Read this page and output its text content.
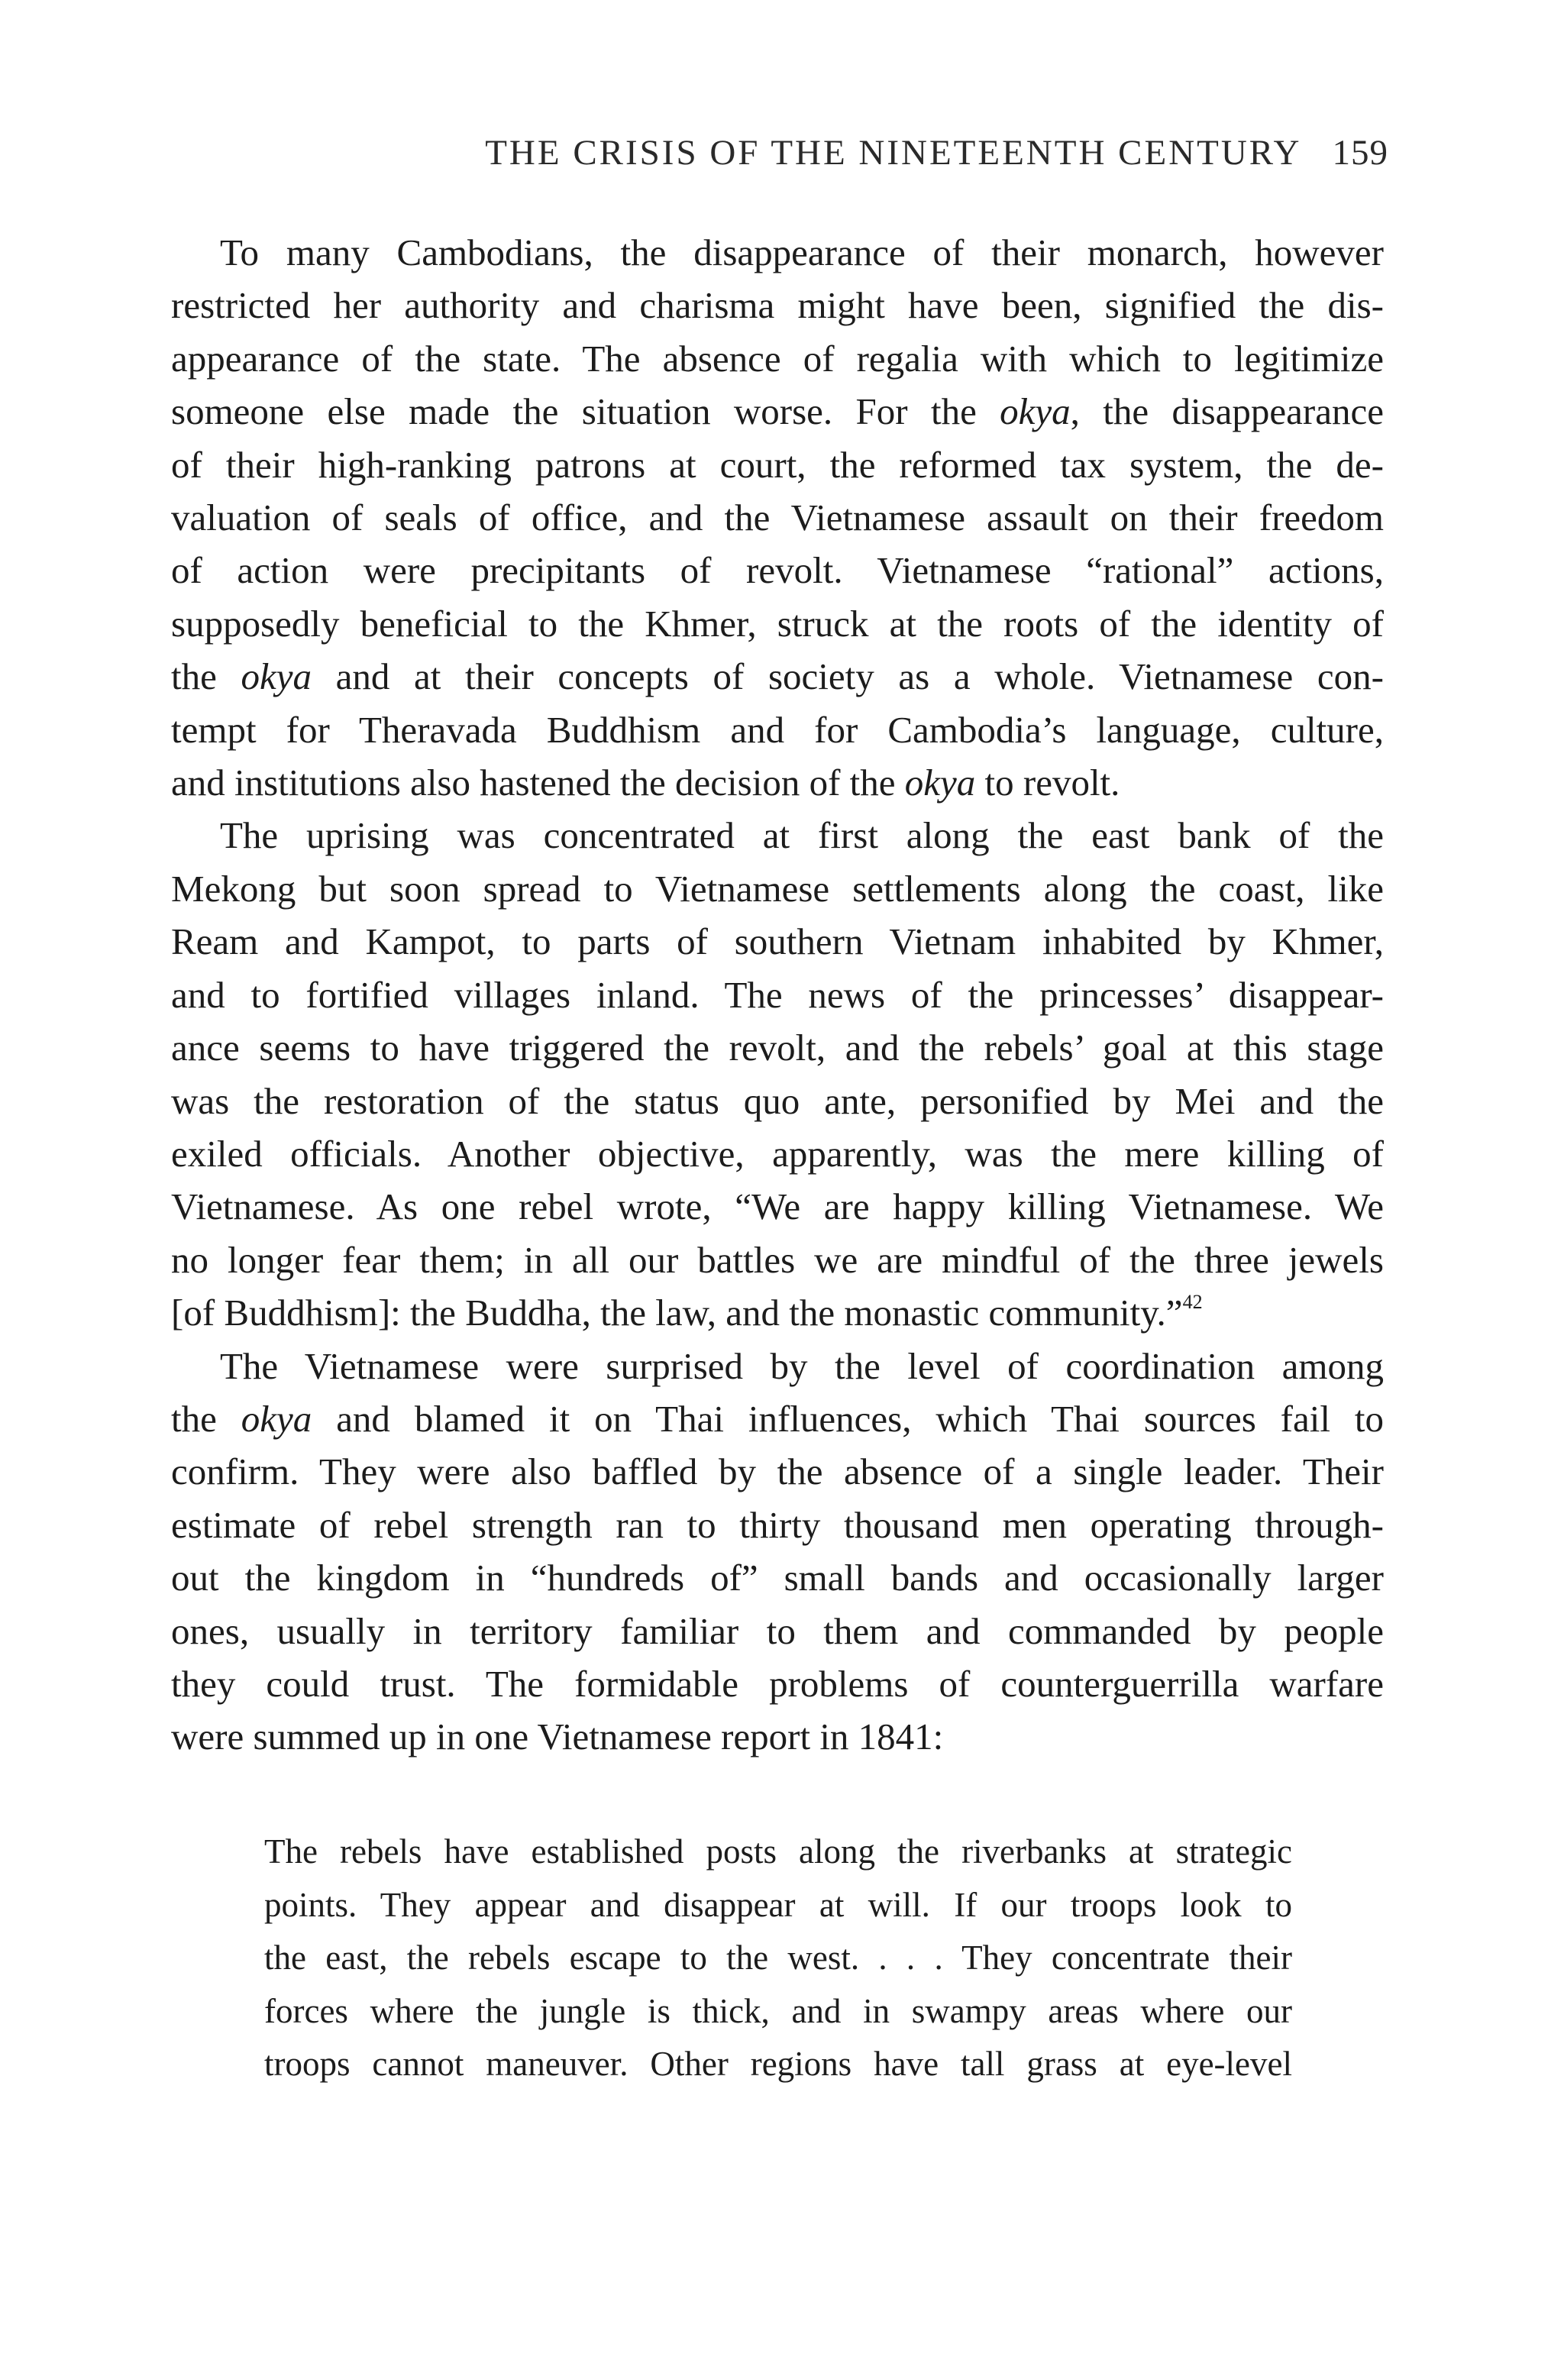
THE CRISIS OF THE NINETEENTH CENTURY 159
To many Cambodians, the disappearance of their monarch, however
restricted her authority and charisma might have been, signified the dis-
appearance of the state. The absence of regalia with which to legitimize
someone else made the situation worse. For the okya, the disappearance
of their high-ranking patrons at court, the reformed tax system, the de-
valuation of seals of office, and the Vietnamese assault on their freedom
of action were precipitants of revolt. Vietnamese “rational” actions,
supposedly beneficial to the Khmer, struck at the roots of the identity of
the okya and at their concepts of society as a whole. Vietnamese con-
tempt for Theravada Buddhism and for Cambodia’s language, culture,
and institutions also hastened the decision of the okya to revolt.
The uprising was concentrated at first along the east bank of the
Mekong but soon spread to Vietnamese settlements along the coast, like
Ream and Kampot, to parts of southern Vietnam inhabited by Khmer,
and to fortified villages inland. The news of the princesses’ disappear-
ance seems to have triggered the revolt, and the rebels’ goal at this stage
was the restoration of the status quo ante, personified by Mei and the
exiled officials. Another objective, apparently, was the mere killing of
Vietnamese. As one rebel wrote, “We are happy killing Vietnamese. We
no longer fear them; in all our battles we are mindful of the three jewels
[of Buddhism]: the Buddha, the law, and the monastic community.”$^{42}$
The Vietnamese were surprised by the level of coordination among
the okya and blamed it on Thai influences, which Thai sources fail to
confirm. They were also baffled by the absence of a single leader. Their
estimate of rebel strength ran to thirty thousand men operating through-
out the kingdom in “hundreds of” small bands and occasionally larger
ones, usually in territory familiar to them and commanded by people
they could trust. The formidable problems of counterguerrilla warfare
were summed up in one Vietnamese report in 1841:
The rebels have established posts along the riverbanks at strategic
points. They appear and disappear at will. If our troops look to
the east, the rebels escape to the west. . . . They concentrate their
forces where the jungle is thick, and in swampy areas where our
troops cannot maneuver. Other regions have tall grass at eye-level
